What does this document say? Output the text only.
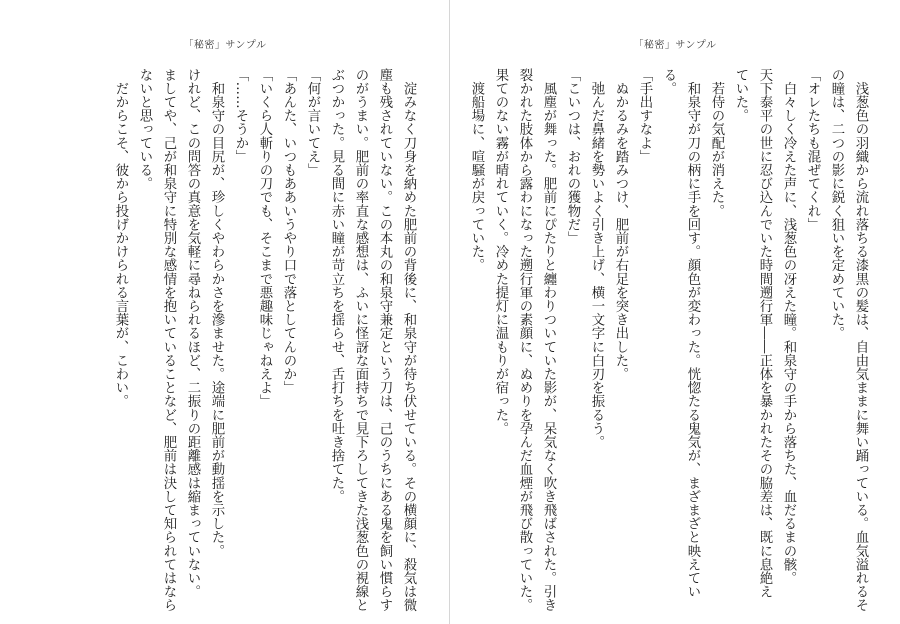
「秘密」サンプル
　淀みなく刀身を納めた肥前の背後に、和泉守が待ち伏せている。その横顔に、殺気は微
塵も残されていない。この本丸の和泉守兼定という刀は、己のうちにある鬼を飼い慣らす
のがうまい。肥前の率直な感想は、ふいに怪訝な面持ちで見下ろしてきた浅葱色の視線と
ぶつかった。見る間に赤い瞳が苛立ちを揺らせ、舌打ちを吐き捨てた。
「何が言いてえ」
「あんた、いつもああいうやり口で落としてんのか」
「いくら人斬りの刀でも、そこまで悪趣味じゃねえよ」
「……そうか」
　和泉守の目尻が、珍しくやわらかさを滲ませた。途端に肥前が動揺を示した。
けれど、この問答の真意を気軽に尋ねられるほど、二振りの距離感は縮まっていない。
ましてや、己が和泉守に特別な感情を抱いていることなど、肥前は決して知られてはなら
ないと思っている。
　だからこそ、彼から投げかけられる言葉が、こわい。
「秘密」サンプル
　浅葱色の羽織から流れ落ちる漆黒の髪は、自由気ままに舞い踊っている。血気溢れるそ
の瞳は、二つの影に鋭く狙いを定めていた。
「オレたちも混ぜてくれ」
　白々しく冷えた声に、浅葱色の冴えた瞳。和泉守の手から落ちた、血だるまの骸。
天下泰平の世に忍び込んでいた時間遡行軍――正体を暴かれたその脇差は、既に息絶え
ていた。
　若侍の気配が消えた。
　和泉守が刀の柄に手を回す。顔色が変わった。恍惚たる鬼気が、まざまざと映えてい
る。
「手出すなよ」
　ぬかるみを踏みつけ、肥前が右足を突き出した。
　弛んだ鼻緒を勢いよく引き上げ、横一文字に白刃を振るう。
「こいつは、おれの獲物だ」
　風塵が舞った。肥前にぴたりと纏わりついていた影が、呆気なく吹き飛ばされた。引き
裂かれた肢体から露わになった遡行軍の素顔に、ぬめりを孕んだ血煙が飛び散っていた。
果てのない霧が晴れていく。冷めた提灯に温もりが宿った。
　渡船場に、喧騒が戻っていた。
